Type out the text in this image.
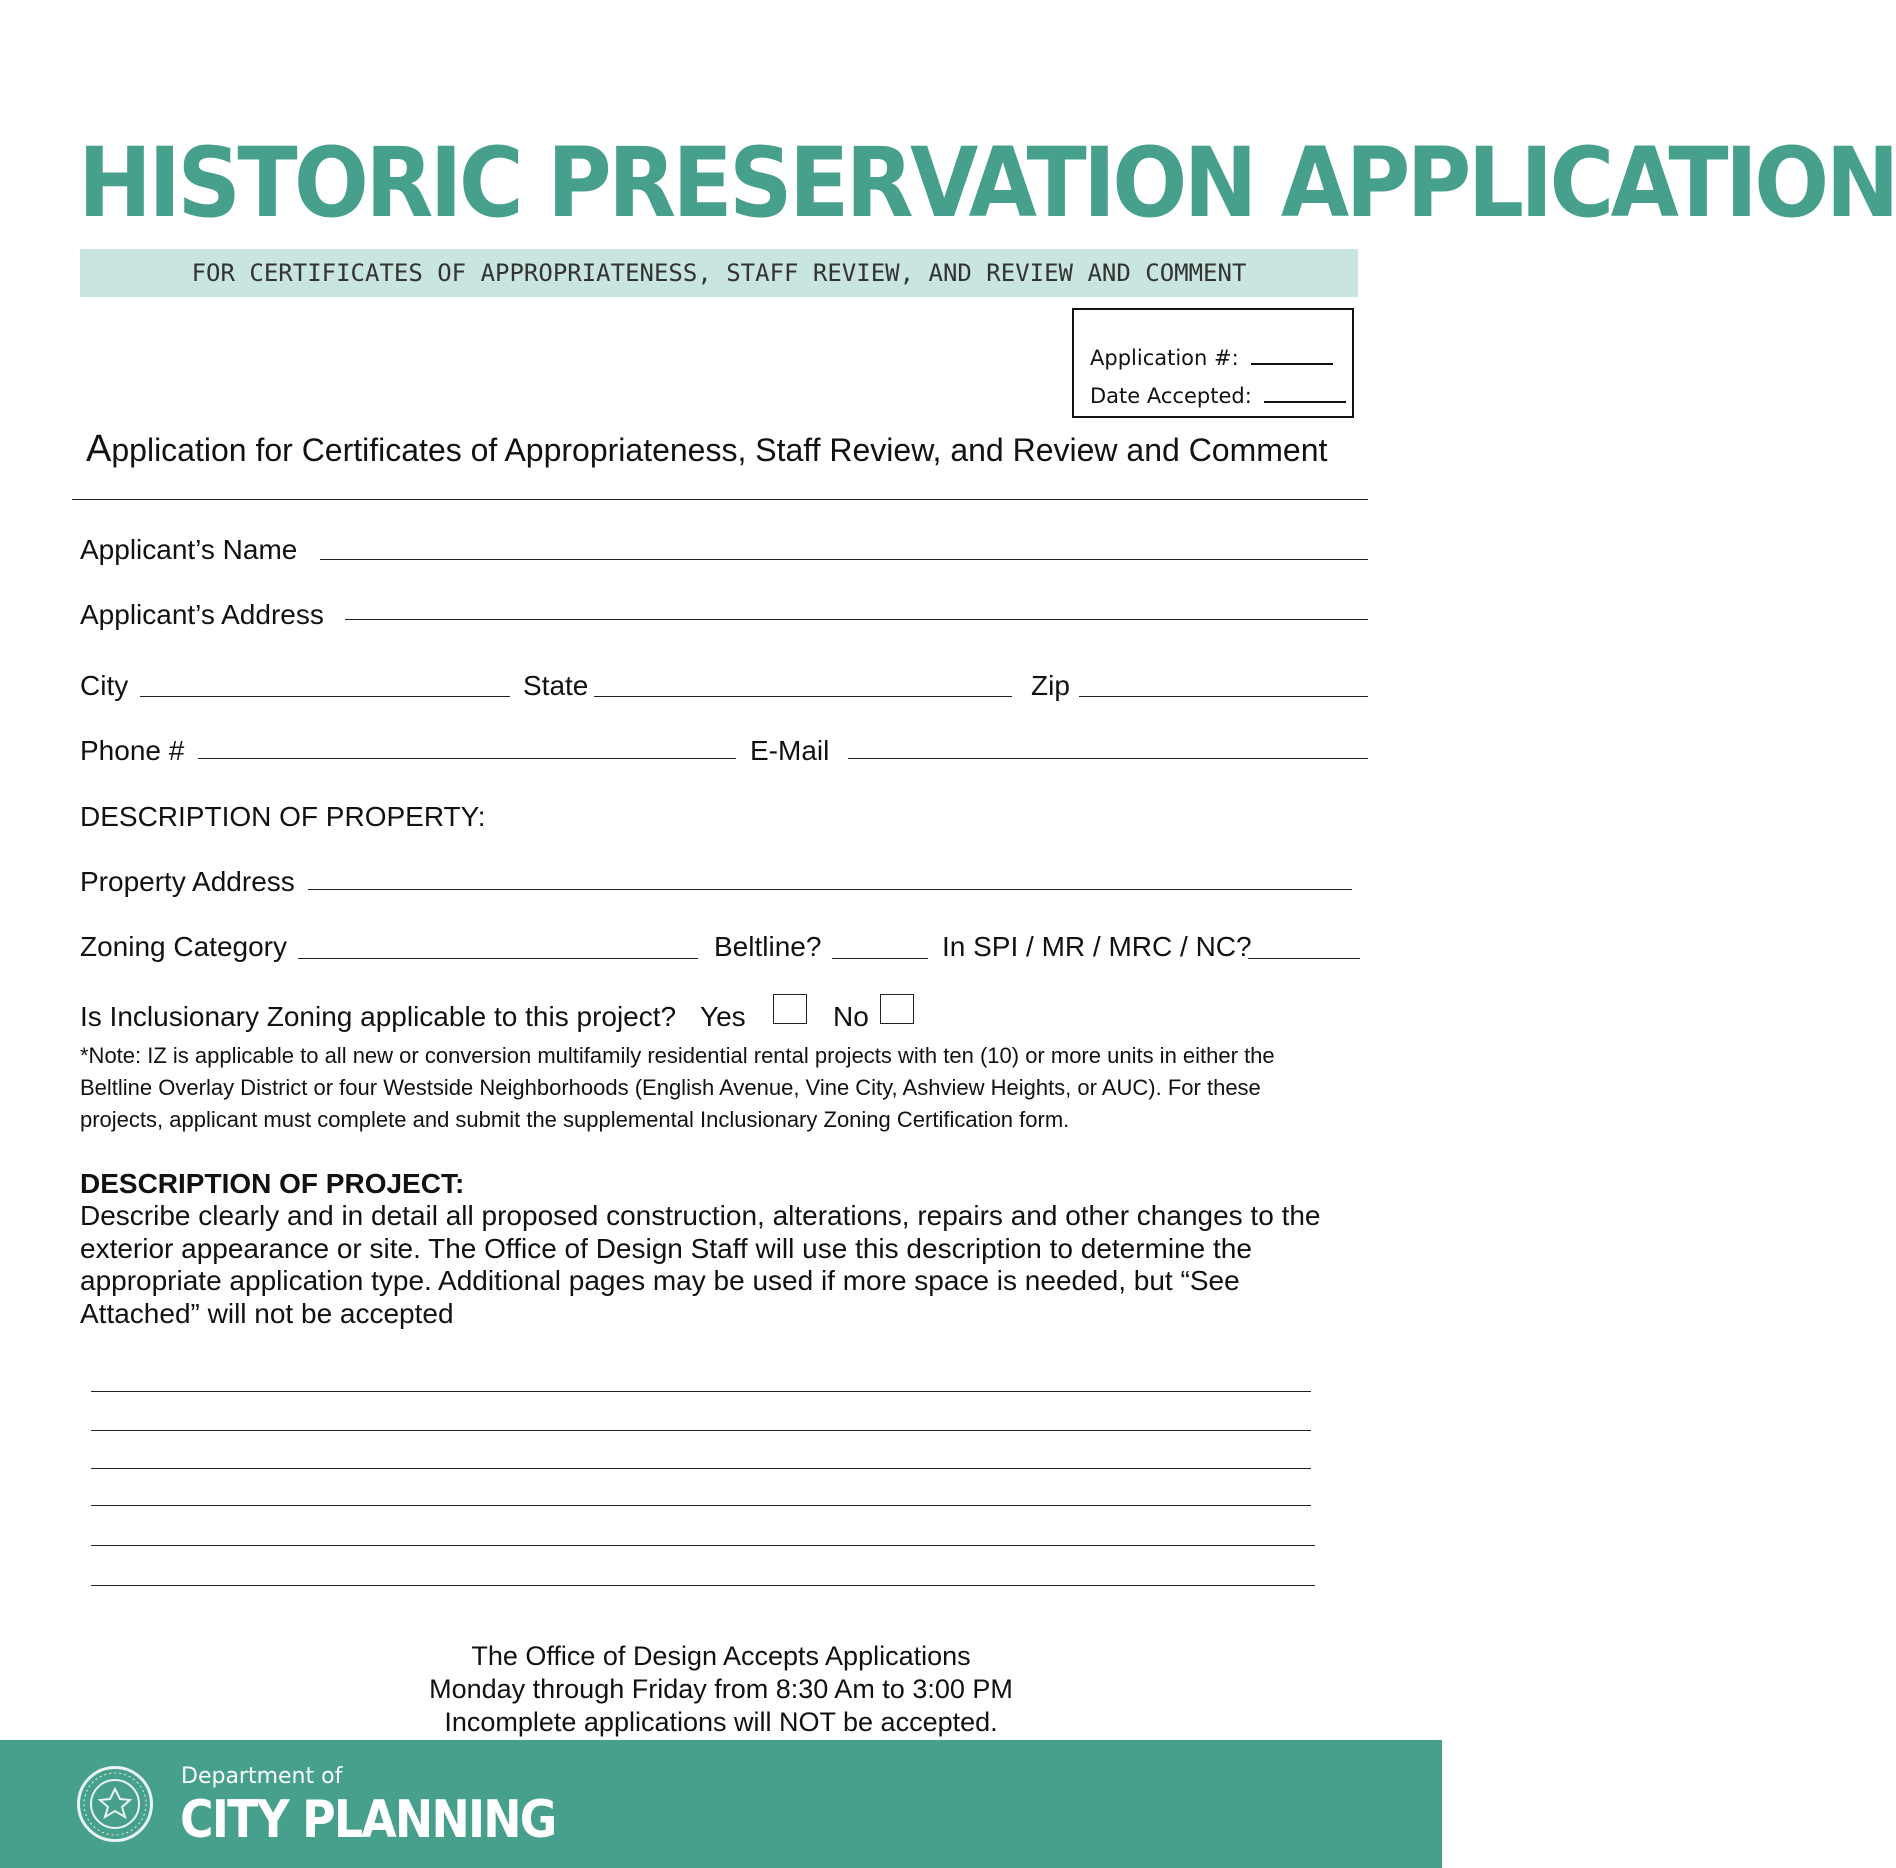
HISTORIC PRESERVATION APPLICATION
FOR CERTIFICATES OF APPROPRIATENESS, STAFF REVIEW, AND REVIEW AND COMMENT
Application #:
Date Accepted:
Application for Certificates of Appropriateness, Staff Review, and Review and Comment
Applicant’s Name
Applicant’s Address
City	State	Zip
Phone #	E-Mail
DESCRIPTION OF PROPERTY:
Property Address
Zoning Category	Beltline?	In SPI / MR / MRC / NC?
Is Inclusionary Zoning applicable to this project? Yes	No
*Note: IZ is applicable to all new or conversion multifamily residential rental projects with ten (10) or more units in either the
Beltline Overlay District or four Westside Neighborhoods (English Avenue, Vine City, Ashview Heights, or AUC). For these
projects, applicant must complete and submit the supplemental Inclusionary Zoning Certification form.
DESCRIPTION OF PROJECT:
Describe clearly and in detail all proposed construction, alterations, repairs and other changes to the
exterior appearance or site. The Office of Design Staff will use this description to determine the
appropriate application type. Additional pages may be used if more space is needed, but “See
Attached” will not be accepted
The Office of Design Accepts Applications
Monday through Friday from 8:30 Am to 3:00 PM
Incomplete applications will NOT be accepted.
Department of
CITY PLANNING
